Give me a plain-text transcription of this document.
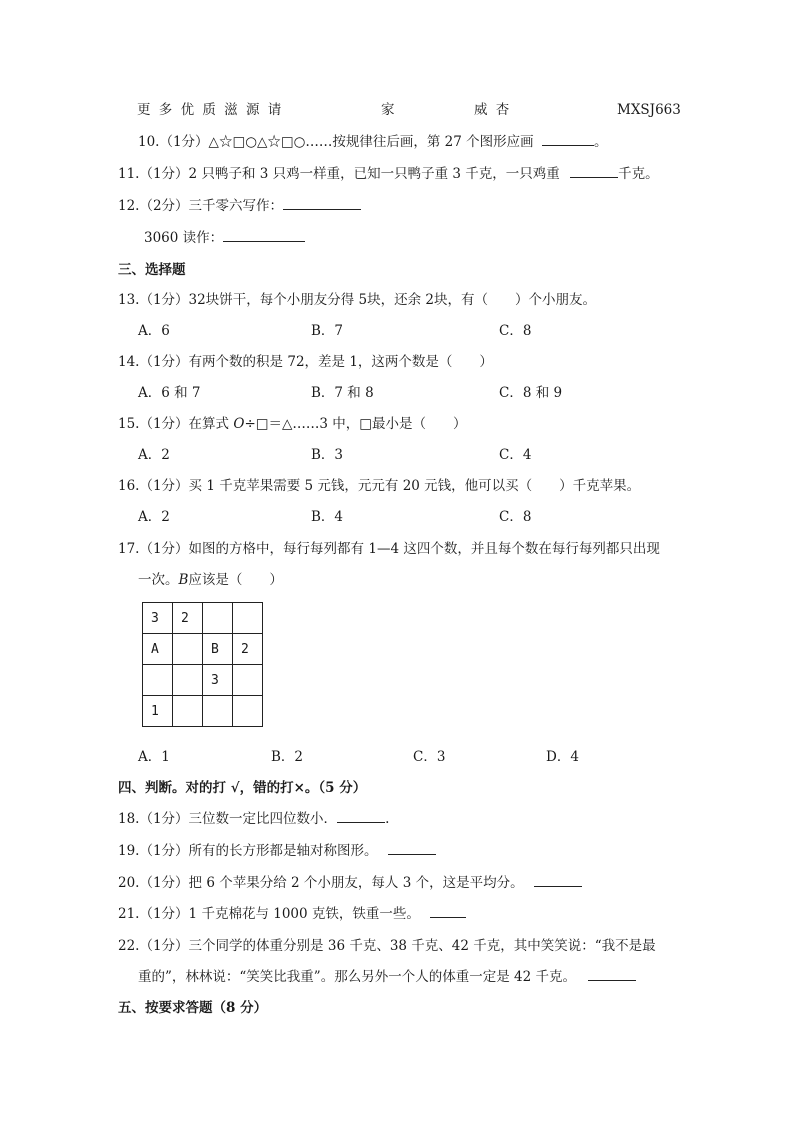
更 多 优 质 滋 源 请	家	威 杏	MXSJ663
10.（1分）△☆□○△☆□○……按规律往后画，第 27 个图形应画	。
11.（1分）2 只鸭子和 3 只鸡一样重，已知一只鸭子重 3 千克，一只鸡重	千克。
12.（2分）三千零六写作：
3060 读作：
三、选择题
13.（1分）32块饼干，每个小朋友分得 5块，还余 2块，有（　　）个小朋友。
A．6	B．7	C．8
14.（1分）有两个数的积是 72，差是 1，这两个数是（　　）
A．6 和 7	B．7 和 8	C．8 和 9
15.（1分）在算式 O÷□＝△……3 中，□最小是（　　）
A．2	B．3	C．4
16.（1分）买 1 千克苹果需要 5 元钱，元元有 20 元钱，他可以买（　　）千克苹果。
A．2	B．4	C．8
17.（1分）如图的方格中，每行每列都有 1—4 这四个数，并且每个数在每行每列都只出现
一次。B应该是（　　）
3	2		
A		B	2
		3	
1			
A．1	B．2	C．3	D．4
四、判断。对的打 √，错的打×。（5 分）
18.（1分）三位数一定比四位数小．	.
19.（1分）所有的长方形都是轴对称图形。
20.（1分）把 6 个苹果分给 2 个小朋友，每人 3 个，这是平均分。
21.（1分）1 千克棉花与 1000 克铁，铁重一些。
22.（1分）三个同学的体重分别是 36 千克、38 千克、42 千克，其中笑笑说：“我不是最
重的”，林林说：“笑笑比我重”。那么另外一个人的体重一定是 42 千克。
五、按要求答题（8 分）
